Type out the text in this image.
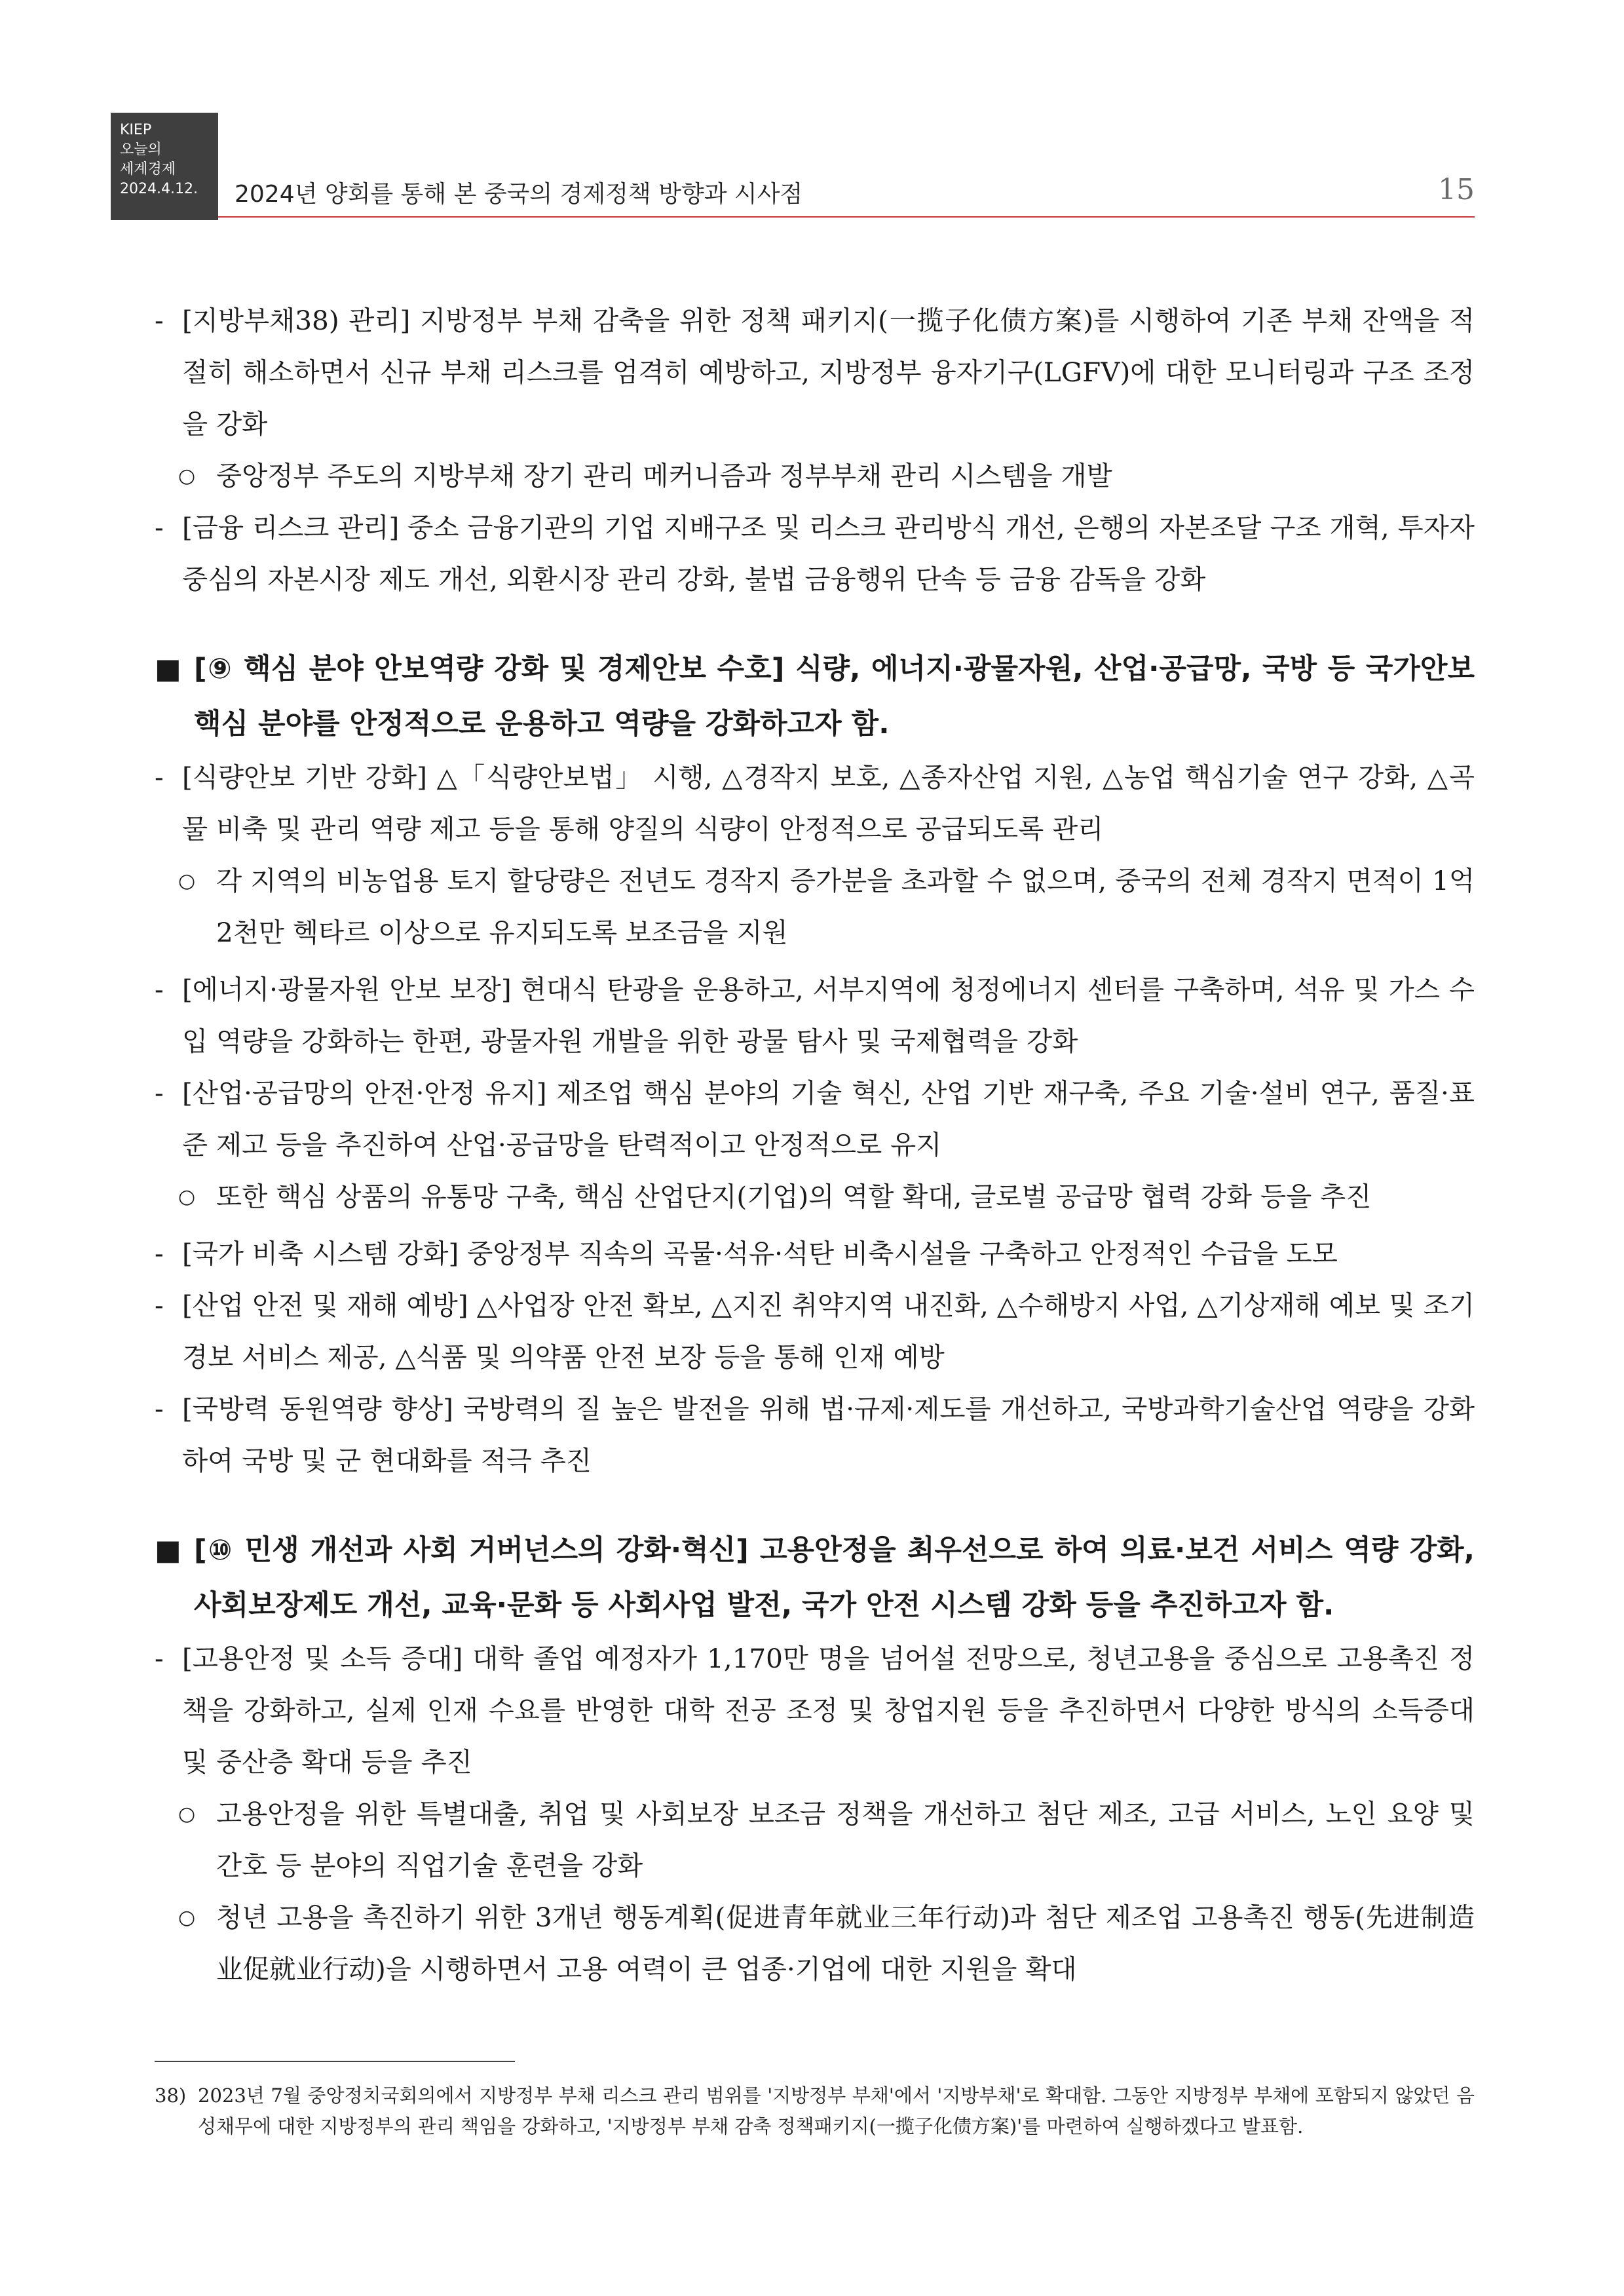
KIEP
오늘의
세계경제
2024.4.12.	2024년 양회를 통해 본 중국의 경제정책 방향과 시사점	15

- [지방부채38) 관리] 지방정부 부채 감축을 위한 정책 패키지(一揽子化债方案)를 시행하여 기존 부채 잔액을 적절히 해소하면서 신규 부채 리스크를 엄격히 예방하고, 지방정부 융자기구(LGFV)에 대한 모니터링과 구조 조정을 강화

○ 중앙정부 주도의 지방부채 장기 관리 메커니즘과 정부부채 관리 시스템을 개발

- [금융 리스크 관리] 중소 금융기관의 기업 지배구조 및 리스크 관리방식 개선, 은행의 자본조달 구조 개혁, 투자자 중심의 자본시장 제도 개선, 외환시장 관리 강화, 불법 금융행위 단속 등 금융 감독을 강화

■ [⑨ 핵심 분야 안보역량 강화 및 경제안보 수호] 식량, 에너지·광물자원, 산업·공급망, 국방 등 국가안보 핵심 분야를 안정적으로 운용하고 역량을 강화하고자 함.

- [식량안보 기반 강화] △「식량안보법」 시행, △경작지 보호, △종자산업 지원, △농업 핵심기술 연구 강화, △곡물 비축 및 관리 역량 제고 등을 통해 양질의 식량이 안정적으로 공급되도록 관리

○ 각 지역의 비농업용 토지 할당량은 전년도 경작지 증가분을 초과할 수 없으며, 중국의 전체 경작지 면적이 1억 2천만 헥타르 이상으로 유지되도록 보조금을 지원

- [에너지·광물자원 안보 보장] 현대식 탄광을 운용하고, 서부지역에 청정에너지 센터를 구축하며, 석유 및 가스 수입 역량을 강화하는 한편, 광물자원 개발을 위한 광물 탐사 및 국제협력을 강화

- [산업·공급망의 안전·안정 유지] 제조업 핵심 분야의 기술 혁신, 산업 기반 재구축, 주요 기술·설비 연구, 품질·표준 제고 등을 추진하여 산업·공급망을 탄력적이고 안정적으로 유지

○ 또한 핵심 상품의 유통망 구축, 핵심 산업단지(기업)의 역할 확대, 글로벌 공급망 협력 강화 등을 추진

- [국가 비축 시스템 강화] 중앙정부 직속의 곡물·석유·석탄 비축시설을 구축하고 안정적인 수급을 도모

- [산업 안전 및 재해 예방] △사업장 안전 확보, △지진 취약지역 내진화, △수해방지 사업, △기상재해 예보 및 조기경보 서비스 제공, △식품 및 의약품 안전 보장 등을 통해 인재 예방

- [국방력 동원역량 향상] 국방력의 질 높은 발전을 위해 법·규제·제도를 개선하고, 국방과학기술산업 역량을 강화하여 국방 및 군 현대화를 적극 추진

■ [⑩ 민생 개선과 사회 거버넌스의 강화·혁신] 고용안정을 최우선으로 하여 의료·보건 서비스 역량 강화, 사회보장제도 개선, 교육·문화 등 사회사업 발전, 국가 안전 시스템 강화 등을 추진하고자 함.

- [고용안정 및 소득 증대] 대학 졸업 예정자가 1,170만 명을 넘어설 전망으로, 청년고용을 중심으로 고용촉진 정책을 강화하고, 실제 인재 수요를 반영한 대학 전공 조정 및 창업지원 등을 추진하면서 다양한 방식의 소득증대 및 중산층 확대 등을 추진

○ 고용안정을 위한 특별대출, 취업 및 사회보장 보조금 정책을 개선하고 첨단 제조, 고급 서비스, 노인 요양 및 간호 등 분야의 직업기술 훈련을 강화

○ 청년 고용을 촉진하기 위한 3개년 행동계획(促进青年就业三年行动)과 첨단 제조업 고용촉진 행동(先进制造业促就业行动)을 시행하면서 고용 여력이 큰 업종·기업에 대한 지원을 확대

38) 2023년 7월 중앙정치국회의에서 지방정부 부채 리스크 관리 범위를 '지방정부 부채'에서 '지방부채'로 확대함. 그동안 지방정부 부채에 포함되지 않았던 음성채무에 대한 지방정부의 관리 책임을 강화하고, '지방정부 부채 감축 정책패키지(一揽子化债方案)'를 마련하여 실행하겠다고 발표함.
